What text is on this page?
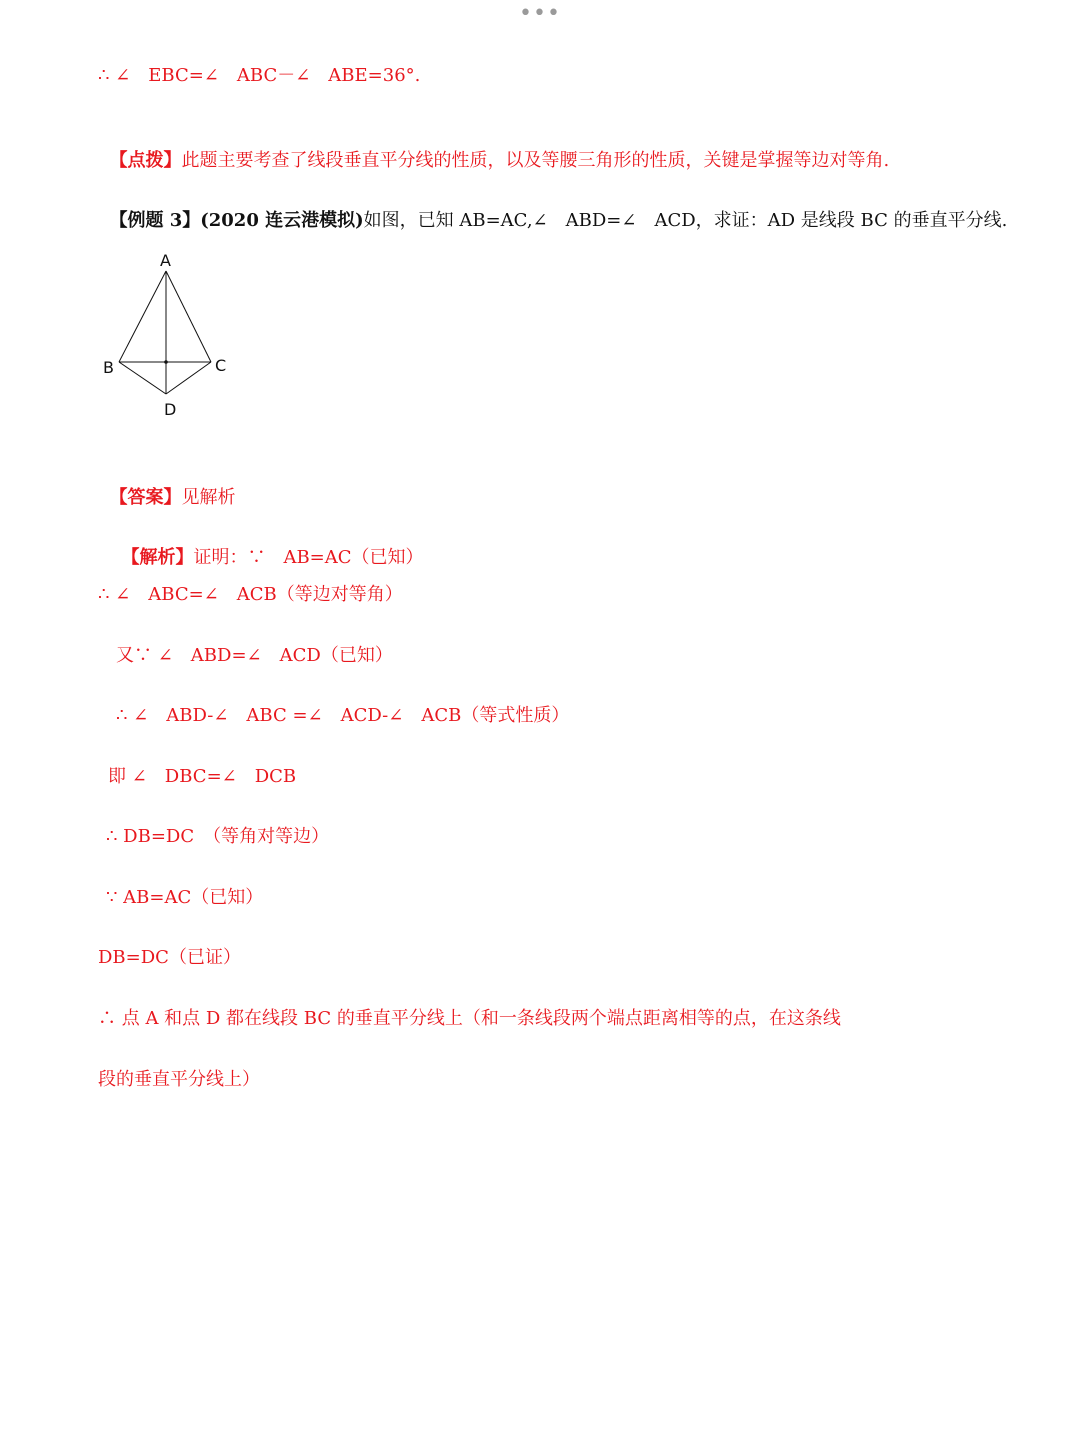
•••
∴ ∠　EBC=∠　ABC－∠　ABE=36°.

【点拨】此题主要考查了线段垂直平分线的性质，以及等腰三角形的性质，关键是掌握等边对等角.

【例题 3】(2020 连云港模拟)如图，已知 AB=AC,∠　ABD=∠　ACD，求证：AD 是线段 BC 的垂直平分线.

A
B	C
D

【答案】见解析

【解析】证明：∵　AB=AC（已知）

∴ ∠　ABC=∠　ACB（等边对等角）
又∵ ∠　ABD=∠　ACD（已知）
∴ ∠　ABD-∠　ABC =∠　ACD-∠　ACB（等式性质）
即 ∠　DBC=∠　DCB
∴ DB=DC　（等角对等边）
∵ AB=AC（已知）
DB=DC（已证）
∴ 点 A 和点 D 都在线段 BC 的垂直平分线上（和一条线段两个端点距离相等的点，在这条线
段的垂直平分线上）
